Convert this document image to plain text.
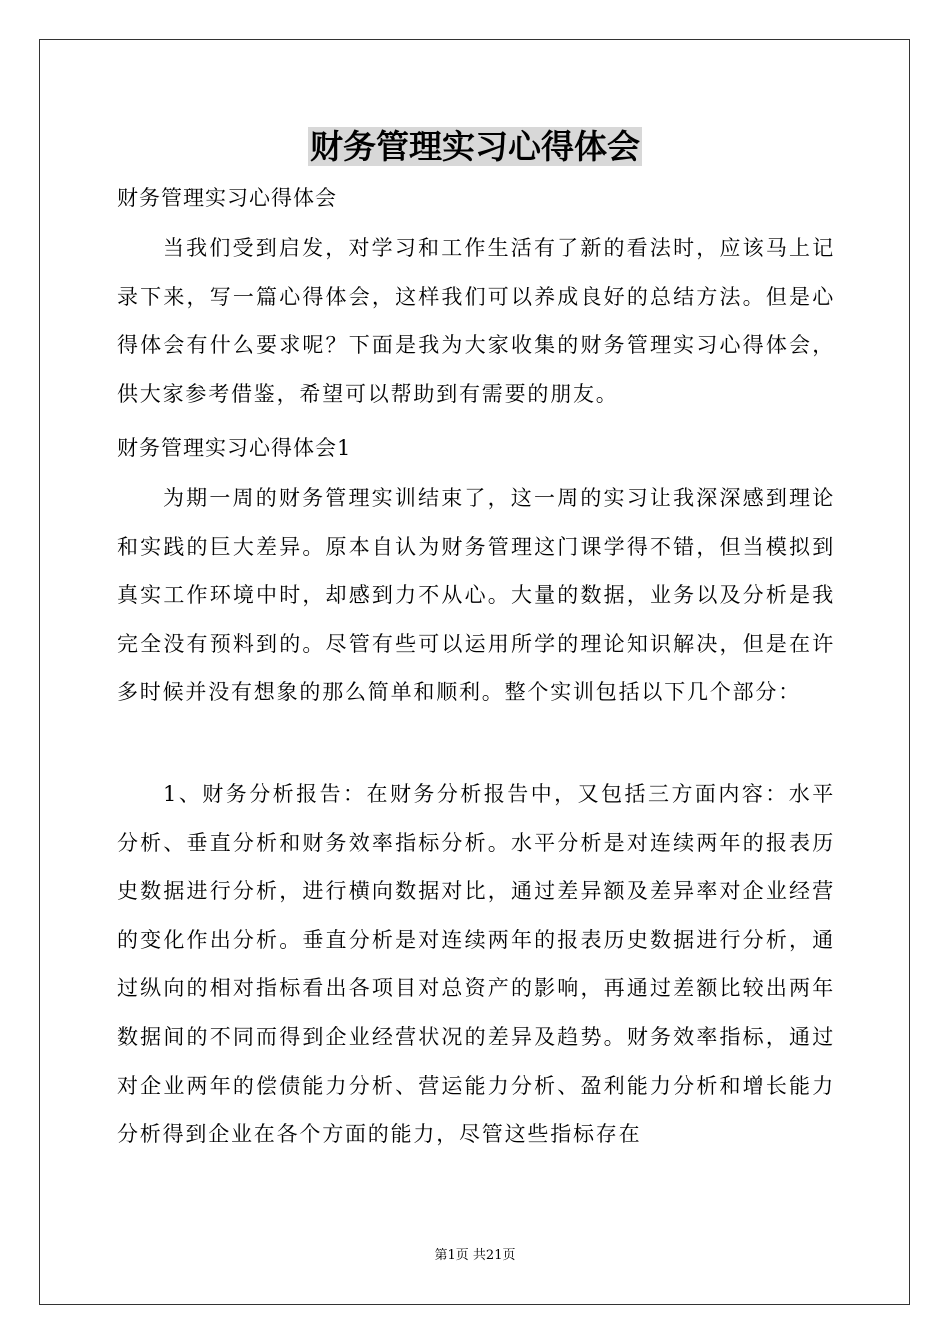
财务管理实习心得体会

财务管理实习心得体会

当我们受到启发，对学习和工作生活有了新的看法时，应该马上记录下来，写一篇心得体会，这样我们可以养成良好的总结方法。但是心得体会有什么要求呢？下面是我为大家收集的财务管理实习心得体会，供大家参考借鉴，希望可以帮助到有需要的朋友。

财务管理实习心得体会1

为期一周的财务管理实训结束了，这一周的实习让我深深感到理论和实践的巨大差异。原本自认为财务管理这门课学得不错，但当模拟到真实工作环境中时，却感到力不从心。大量的数据，业务以及分析是我完全没有预料到的。尽管有些可以运用所学的理论知识解决，但是在许多时候并没有想象的那么简单和顺利。整个实训包括以下几个部分：

1、财务分析报告：在财务分析报告中，又包括三方面内容：水平分析、垂直分析和财务效率指标分析。水平分析是对连续两年的报表历史数据进行分析，进行横向数据对比，通过差异额及差异率对企业经营的变化作出分析。垂直分析是对连续两年的报表历史数据进行分析，通过纵向的相对指标看出各项目对总资产的影响，再通过差额比较出两年数据间的不同而得到企业经营状况的差异及趋势。财务效率指标，通过对企业两年的偿债能力分析、营运能力分析、盈利能力分析和增长能力分析得到企业在各个方面的能力，尽管这些指标存在

第1页 共21页
